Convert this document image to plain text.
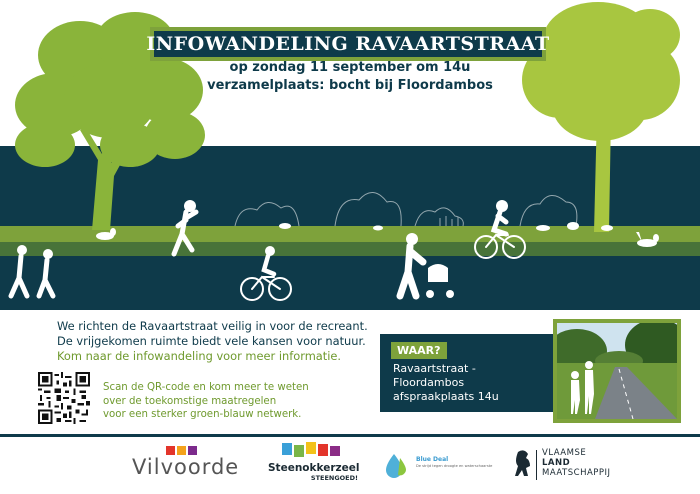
INFOWANDELING RAVAARTSTRAAT
op zondag 11 september om 14u
verzamelplaats: bocht bij Floordambos
We richten de Ravaartstraat veilig in voor de recreant.
De vrijgekomen ruimte biedt vele kansen voor natuur.
Kom naar de infowandeling voor meer informatie.
Scan de QR-code en kom meer te weten
over de toekomstige maatregelen
voor een sterker groen-blauw netwerk.
WAAR?
Ravaartstraat -
Floordambos
afspraakplaats 14u
Vilvoorde	Steenokkerzeel
STEENGOED!
Blue Deal
De strijd tegen droogte en waterschaarste
VLAAMSE
LAND
MAATSCHAPPIJ
